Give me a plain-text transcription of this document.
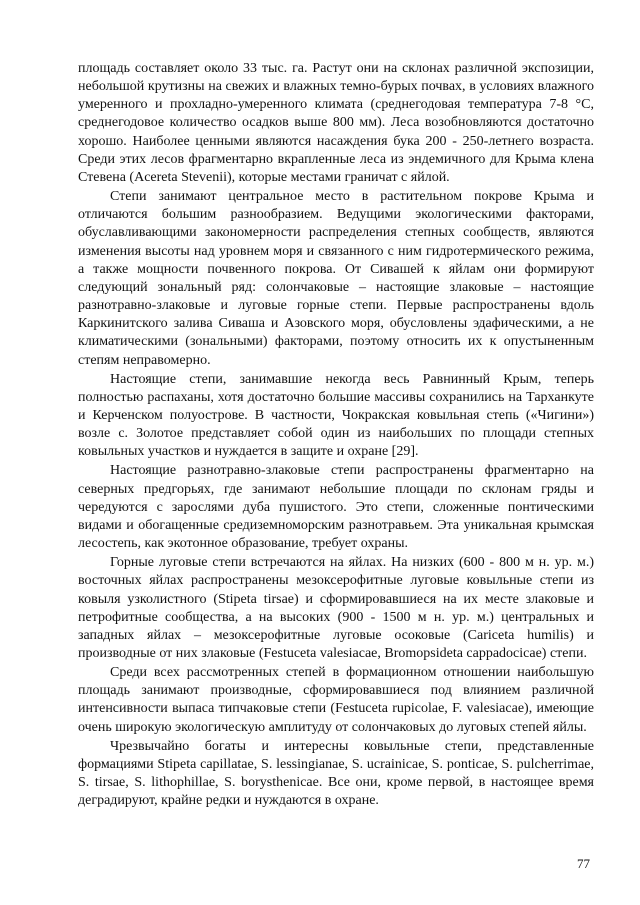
площадь составляет около 33 тыс. га. Растут они на склонах различной экспозиции, небольшой крутизны на свежих и влажных темно-бурых почвах, в условиях влажного умеренного и прохладно-умеренного климата (среднегодовая температура 7-8 °С, среднегодовое количество осадков выше 800 мм). Леса возобновляются достаточно хорошо. Наиболее ценными являются насаждения бука 200 - 250-летнего возраста. Среди этих лесов фрагментарно вкрапленные леса из эндемичного для Крыма клена Стевена (Acereta Stevenii), которые местами граничат с яйлой.

Степи занимают центральное место в растительном покрове Крыма и отличаются большим разнообразием. Ведущими экологическими факторами, обуславливающими закономерности распределения степных сообществ, являются изменения высоты над уровнем моря и связанного с ним гидротермического режима, а также мощности почвенного покрова. От Сивашей к яйлам они формируют следующий зональный ряд: солончаковые – настоящие злаковые – настоящие разнотравно-злаковые и луговые горные степи. Первые распространены вдоль Каркинитского залива Сиваша и Азовского моря, обусловлены эдафическими, а не климатическими (зональными) факторами, поэтому относить их к опустыненным степям неправомерно.

Настоящие степи, занимавшие некогда весь Равнинный Крым, теперь полностью распаханы, хотя достаточно большие массивы сохранились на Тарханкуте и Керченском полуострове. В частности, Чокракская ковыльная степь («Чигини») возле с. Золотое представляет собой один из наибольших по площади степных ковыльных участков и нуждается в защите и охране [29].

Настоящие разнотравно-злаковые степи распространены фрагментарно на северных предгорьях, где занимают небольшие площади по склонам гряды и чередуются с зарослями дуба пушистого. Это степи, сложенные понтическими видами и обогащенные средиземноморским разнотравьем. Эта уникальная крымская лесостепь, как экотонное образование, требует охраны.

Горные луговые степи встречаются на яйлах. На низких (600 - 800 м н. ур. м.) восточных яйлах распространены мезоксерофитные луговые ковыльные степи из ковыля узколистного (Stipeta tirsae) и сформировавшиеся на их месте злаковые и петрофитные сообщества, а на высоких (900 - 1500 м н. ур. м.) центральных и западных яйлах – мезоксерофитные луговые осоковые (Cariceta humilis) и производные от них злаковые (Festuceta valesiacae, Bromopsideta cappadocicae) степи.

Среди всех рассмотренных степей в формационном отношении наибольшую площадь занимают производные, сформировавшиеся под влиянием различной интенсивности выпаса типчаковые степи (Festuceta rupicolae, F. valesiacae), имеющие очень широкую экологическую амплитуду от солончаковых до луговых степей яйлы.

Чрезвычайно богаты и интересны ковыльные степи, представленные формациями Stipeta capillatae, S. lessingianae, S. ucrainicae, S. ponticae, S. pulcherrimae, S. tirsae, S. lithophillae, S. borysthenicae. Все они, кроме первой, в настоящее время деградируют, крайне редки и нуждаются в охране.

77
